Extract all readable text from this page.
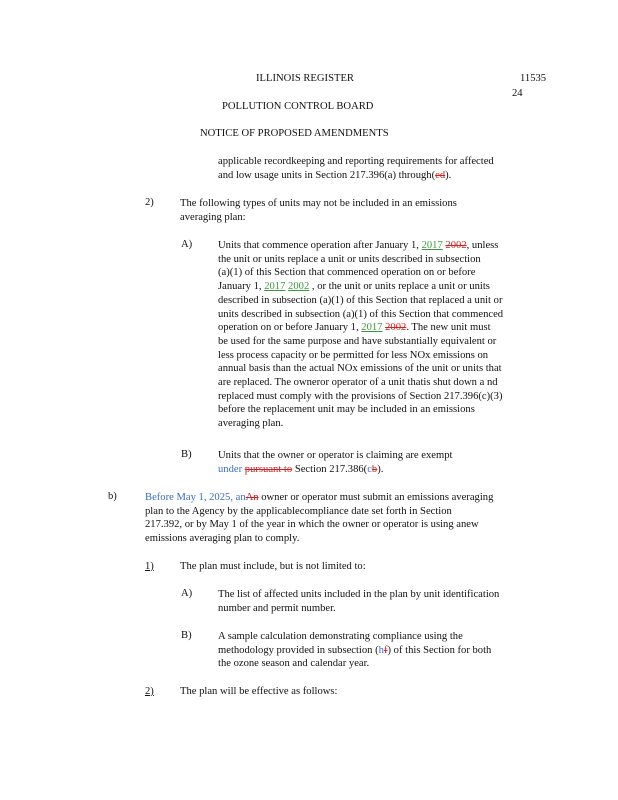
ILLINOIS REGISTER	11535
24
POLLUTION CONTROL BOARD
NOTICE OF PROPOSED AMENDMENTS
applicable recordkeeping and reporting requirements for affected
and low usage units in Section 217.396(a) through(ed).
2) The following types of units may not be included in an emissions
averaging plan:
A) Units that commence operation after January 1, 2017 2002, unless
the unit or units replace a unit or units described in subsection
(a)(1) of this Section that commenced operation on or before
January 1, 2017 2002 , or the unit or units replace a unit or units
described in subsection (a)(1) of this Section that replaced a unit or
units described in subsection (a)(1) of this Section that commenced
operation on or before January 1, 2017 2002. The new unit must
be used for the same purpose and have substantially equivalent or
less process capacity or be permitted for less NOx emissions on
annual basis than the actual NOx emissions of the unit or units that
are replaced. The owneror operator of a unit thatis shut down a nd
replaced must comply with the provisions of Section 217.396(c)(3)
before the replacement unit may be included in an emissions
averaging plan.
B) Units that the owner or operator is claiming are exempt
under pursuant to Section 217.386(cb).
b)	Before May 1, 2025, anAn owner or operator must submit an emissions averaging
plan to the Agency by the applicablecompliance date set forth in Section
217.392, or by May 1 of the year in which the owner or operator is using anew
emissions averaging plan to comply.
1) The plan must include, but is not limited to:
A) The list of affected units included in the plan by unit identification
number and permit number.
B) A sample calculation demonstrating compliance using the
methodology provided in subsection (hf) of this Section for both
the ozone season and calendar year.
2) The plan will be effective as follows:
